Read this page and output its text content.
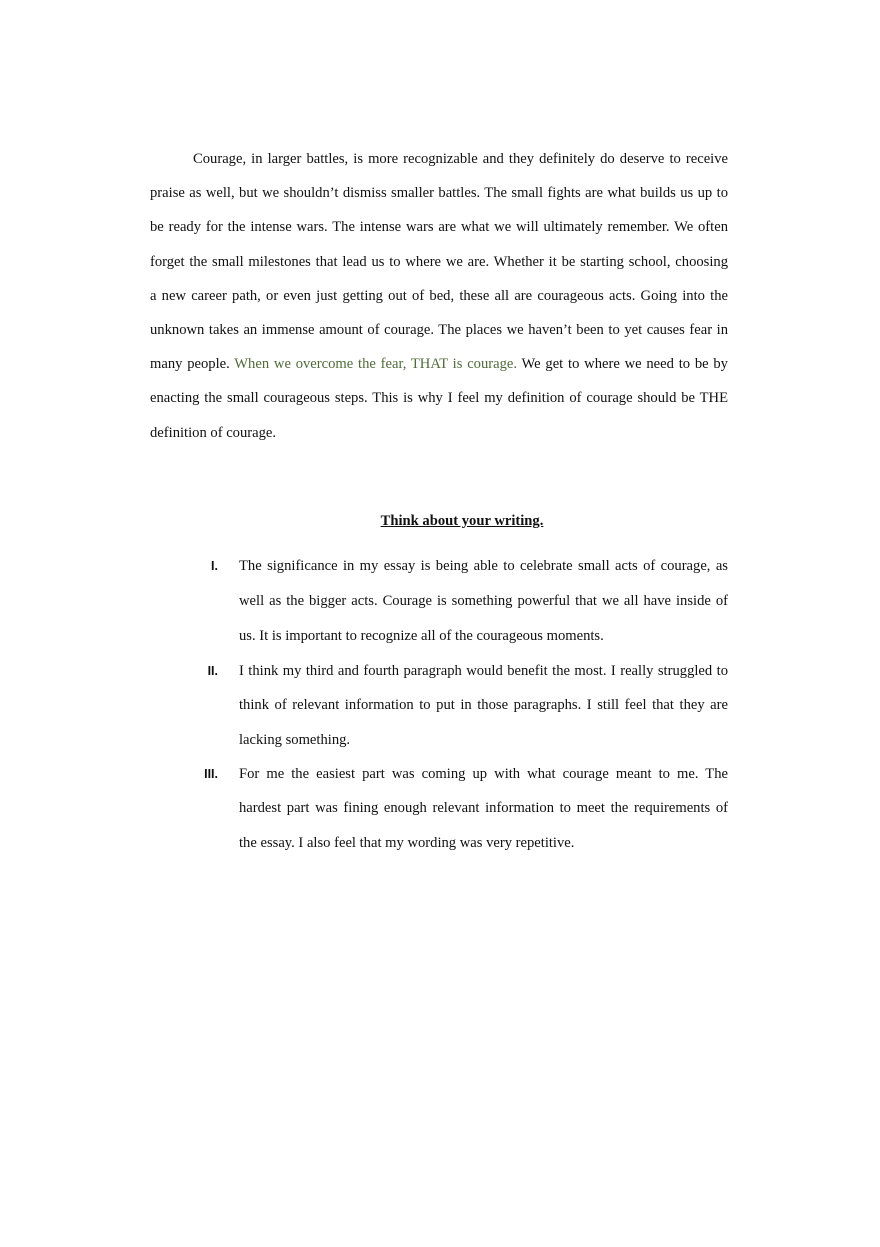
Courage, in larger battles, is more recognizable and they definitely do deserve to receive
praise as well, but we shouldn’t dismiss smaller battles. The small fights are what builds us up to
be ready for the intense wars. The intense wars are what we will ultimately remember. We often
forget the small milestones that lead us to where we are. Whether it be starting school, choosing
a new career path, or even just getting out of bed, these all are courageous acts. Going into the
unknown takes an immense amount of courage. The places we haven’t been to yet causes fear in
many people. When we overcome the fear, THAT is courage. We get to where we need to be by
enacting the small courageous steps. This is why I feel my definition of courage should be THE
definition of courage.
Think about your writing.
I. The significance in my essay is being able to celebrate small acts of courage, as
well as the bigger acts. Courage is something powerful that we all have inside of
us. It is important to recognize all of the courageous moments.
II. I think my third and fourth paragraph would benefit the most. I really struggled to
think of relevant information to put in those paragraphs. I still feel that they are
lacking something.
III. For me the easiest part was coming up with what courage meant to me. The
hardest part was fining enough relevant information to meet the requirements of
the essay. I also feel that my wording was very repetitive.
